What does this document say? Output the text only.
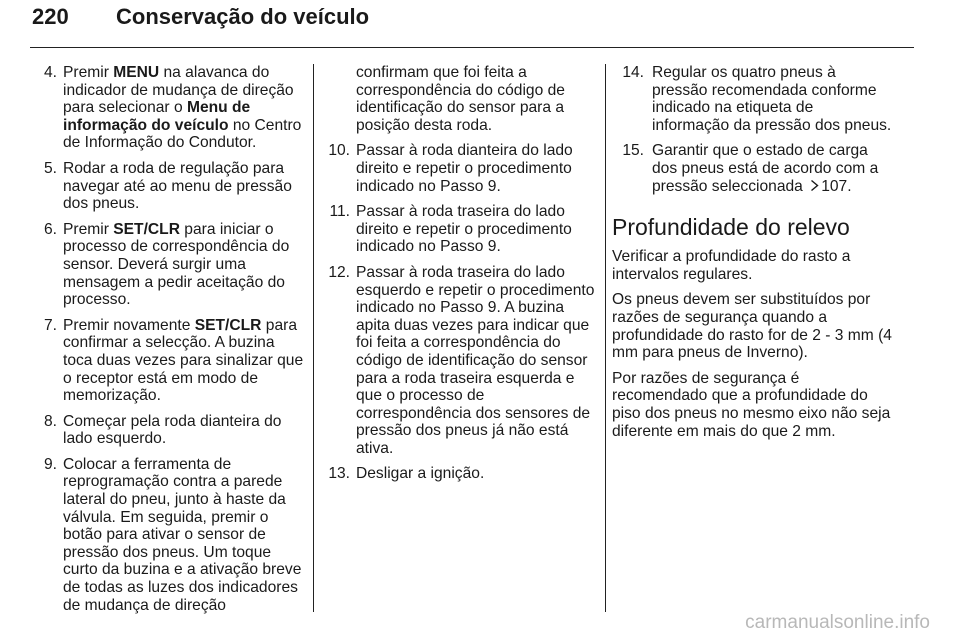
220 Conservação do veículo
4. Premir MENU na alavanca do indicador de mudança de direção para selecionar o Menu de informação do veículo no Centro de Informação do Condutor.
5. Rodar a roda de regulação para navegar até ao menu de pressão dos pneus.
6. Premir SET/CLR para iniciar o processo de correspondência do sensor. Deverá surgir uma mensagem a pedir aceitação do processo.
7. Premir novamente SET/CLR para confirmar a selecção. A buzina toca duas vezes para sinalizar que o receptor está em modo de memorização.
8. Começar pela roda dianteira do lado esquerdo.
9. Colocar a ferramenta de reprogramação contra a parede lateral do pneu, junto à haste da válvula. Em seguida, premir o botão para ativar o sensor de pressão dos pneus. Um toque curto da buzina e a ativação breve de todas as luzes dos indicadores de mudança de direção
confirmam que foi feita a correspondência do código de identificação do sensor para a posição desta roda.
10. Passar à roda dianteira do lado direito e repetir o procedimento indicado no Passo 9.
11. Passar à roda traseira do lado direito e repetir o procedimento indicado no Passo 9.
12. Passar à roda traseira do lado esquerdo e repetir o procedimento indicado no Passo 9. A buzina apita duas vezes para indicar que foi feita a correspondência do código de identificação do sensor para a roda traseira esquerda e que o processo de correspondência dos sensores de pressão dos pneus já não está ativa.
13. Desligar a ignição.
14. Regular os quatro pneus à pressão recomendada conforme indicado na etiqueta de informação da pressão dos pneus.
15. Garantir que o estado de carga dos pneus está de acordo com a pressão seleccionada 107.
Profundidade do relevo
Verificar a profundidade do rasto a intervalos regulares.
Os pneus devem ser substituídos por razões de segurança quando a profundidade do rasto for de 2 - 3 mm (4 mm para pneus de Inverno).
Por razões de segurança é recomendado que a profundidade do piso dos pneus no mesmo eixo não seja diferente em mais do que 2 mm.
carmanualsonline.info
